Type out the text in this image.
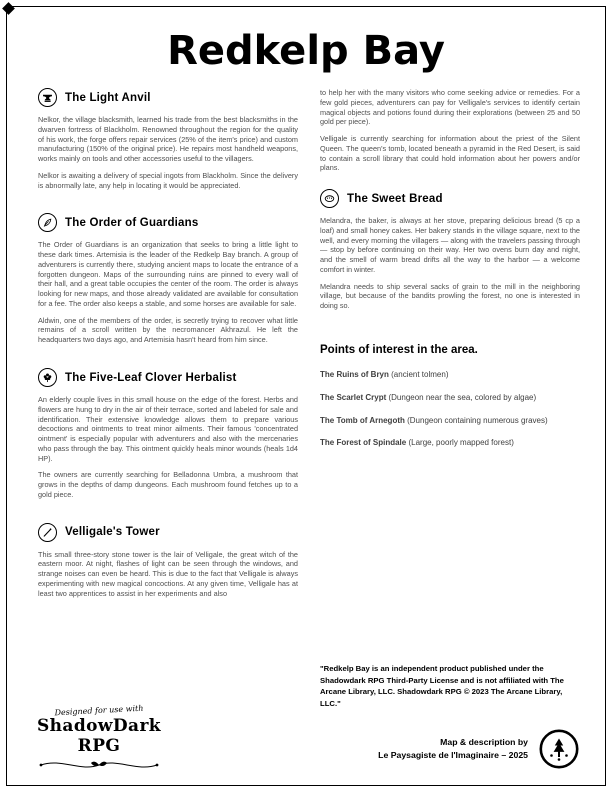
Redkelp Bay
The Light Anvil

Nelkor, the village blacksmith, learned his trade from the best blacksmiths in the dwarven fortress of Blackholm. Renowned throughout the region for the quality of his work, the forge offers repair services (25% of the item's price) and custom manufacturing (150% of the original price). He repairs most handheld weapons, works mainly on tools and other accessories useful to the villagers.

Nelkor is awaiting a delivery of special ingots from Blackholm. Since the delivery is abnormally late, any help in locating it would be appreciated.

The Order of Guardians

The Order of Guardians is an organization that seeks to bring a little light to these dark times. Artemisia is the leader of the Redkelp Bay branch. A group of adventurers is currently there, studying ancient maps to locate the entrance of a forgotten dungeon. Maps of the surrounding ruins are pinned to every wall of their hall, and a great table occupies the center of the room. The order is always looking for new maps, and those already validated are available for consultation for a fee. The order also keeps a stable, and some horses are available for sale.

Aldwin, one of the members of the order, is secretly trying to recover what little remains of a scroll written by the necromancer Akhrazul. He left the headquarters two days ago, and Artemisia hasn't heard from him since.

The Five-Leaf Clover Herbalist

An elderly couple lives in this small house on the edge of the forest. Herbs and flowers are hung to dry in the air of their terrace, sorted and labeled for sale and identification. Their extensive knowledge allows them to prepare various decoctions and ointments to treat minor ailments. Their famous 'concentrated ointment' is especially popular with adventurers and also with the mercenaries who pass through the bay. This ointment quickly heals minor wounds (heals 1d4 HP).

The owners are currently searching for Belladonna Umbra, a mushroom that grows in the depths of damp dungeons. Each mushroom found fetches up to a gold piece.

Velligale's Tower

This small three-story stone tower is the lair of Velligale, the great witch of the eastern moor. At night, flashes of light can be seen through the windows, and strange noises can even be heard. This is due to the fact that Velligale is always experimenting with new magical concoctions. At any given time, Velligale has at least two apprentices to assist in her experiments and also

to help her with the many visitors who come seeking advice or remedies. For a few gold pieces, adventurers can pay for Velligale's services to identify certain magical objects and potions found during their explorations (between 25 and 50 gold per piece).

Velligale is currently searching for information about the priest of the Silent Queen. The queen's tomb, located beneath a pyramid in the Red Desert, is said to contain a scroll library that could hold information about her powers and/or plans.

The Sweet Bread

Melandra, the baker, is always at her stove, preparing delicious bread (5 cp a loaf) and small honey cakes. Her bakery stands in the village square, next to the well, and every morning the villagers — along with the travelers passing through — stop by before continuing on their way. Her two ovens burn day and night, and the smell of warm bread drifts all the way to the harbor — a welcome comfort in winter.

Melandra needs to ship several sacks of grain to the mill in the neighboring village, but because of the bandits prowling the forest, no one is interested in doing so.

Points of interest in the area.
The Ruins of Bryn (ancient tolmen)
The Scarlet Crypt (Dungeon near the sea, colored by algae)
The Tomb of Arnegoth (Dungeon containing numerous graves)
The Forest of Spindale (Large, poorly mapped forest)

"Redkelp Bay is an independent product published under the Shadowdark RPG Third-Party License and is not affiliated with The Arcane Library, LLC. Shadowdark RPG © 2023 The Arcane Library, LLC."

Map & description by
Le Paysagiste de l'Imaginaire – 2025
Designed for use with
ShadowDark RPG
